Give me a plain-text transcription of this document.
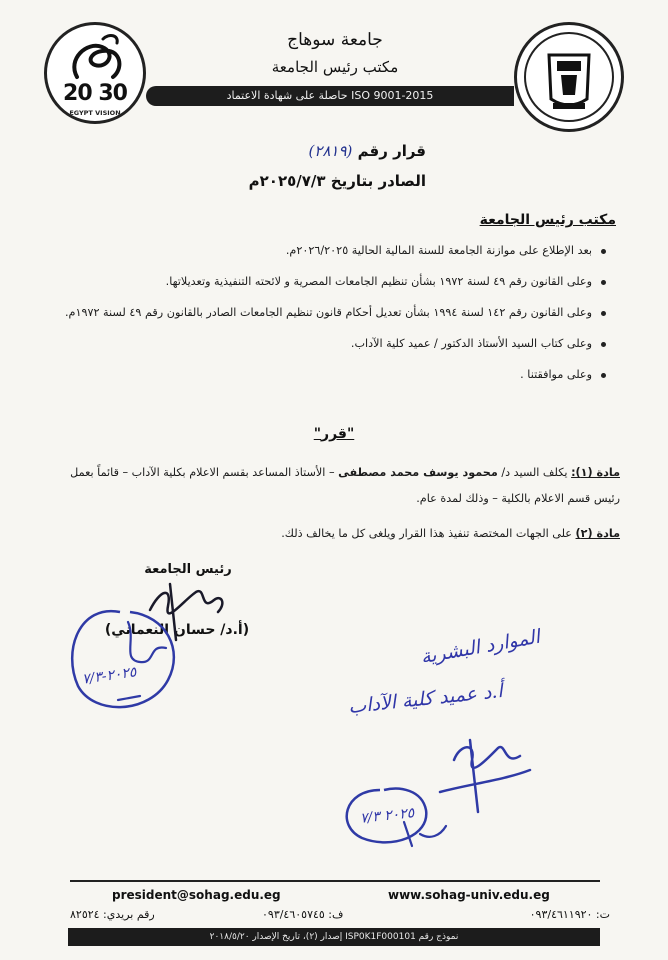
20 30
EGYPT VISION
جامعة سوهاج
مكتب رئيس الجامعة
حاصلة على شهادة الاعتماد ISO 9001-2015
قرار رقم (٢٨١٩)
الصادر بتاريخ ٢٠٢٥/٧/٣م
مكتب رئيس الجامعة
بعد الإطلاع على موازنة الجامعة للسنة المالية الحالية ٢٠٢٦/٢٠٢٥م.
وعلى القانون رقم ٤٩ لسنة ١٩٧٢ بشأن تنظيم الجامعات المصرية و لائحته التنفيذية وتعديلاتها.
وعلى القانون رقم ١٤٢ لسنة ١٩٩٤ بشأن تعديل أحكام قانون تنظيم الجامعات الصادر بالقانون رقم ٤٩ لسنة ١٩٧٢م.
وعلى كتاب السيد الأستاذ الدكتور / عميد كلية الآداب.
وعلى موافقتنا .
"قرر"
مادة (١): يكلف السيد د/ محمود يوسف محمد مصطفى – الأستاذ المساعد بقسم الاعلام بكلية الآداب – قائماً بعمل رئيس قسم الاعلام بالكلية – وذلك لمدة عام.
مادة (٢) على الجهات المختصة تنفيذ هذا القرار ويلغى كل ما يخالف ذلك.
رئيس الجامعة
(أ.د/ حسان النعماني)	الموارد البشرية
أ.د عميد كلية الآداب
٢٠٢٥-٧/٣
٢٠٢٥ ٧/٣
president@sohag.edu.eg	www.sohag-univ.edu.eg
رقم بريدي: ٨٢٥٢٤	ف: ٠٩٣/٤٦٠٥٧٤٥	ت: ٠٩٣/٤٦١١٩٢٠
نموذج رقم ISP0K1F000101 إصدار (٢)، تاريخ الإصدار ٢٠١٨/٥/٢٠
